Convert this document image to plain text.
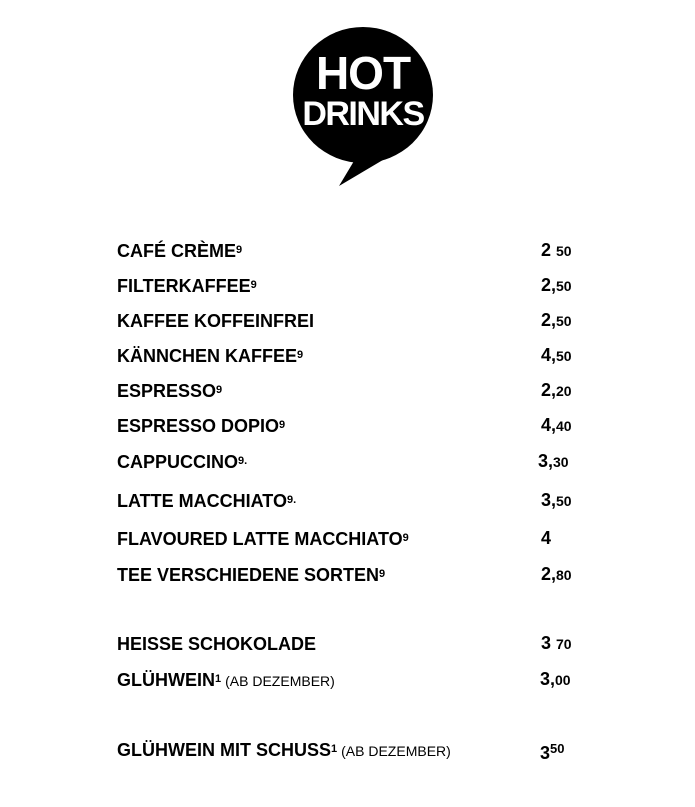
HOT
DRINKS
CAFÉ CRÈME$^9$	2 50
FILTERKAFFEE$^9$	2,50
KAFFEE KOFFEINFREI	2,50
KÄNNCHEN KAFFEE$^9$	4,50
ESPRESSO$^9$	2,20
ESPRESSO DOPIO$^9$	4,40
$CAPPUCCINO^{9.}$	3,30
LATTE $MACCHIATO^{9.}$	3,50
FLAVOURED LATTE MACCHIATO$^9$	4
TEE VERSCHIEDENE SORTEN$^9$	2,80
HEISSE SCHOKOLADE	3 70
GLÜHWEIN$^1$ (AB DEZEMBER)	3,00
GLÜHWEIN MIT SCHUSS$^1$ (AB DEZEMBER)	$3^{50}$
